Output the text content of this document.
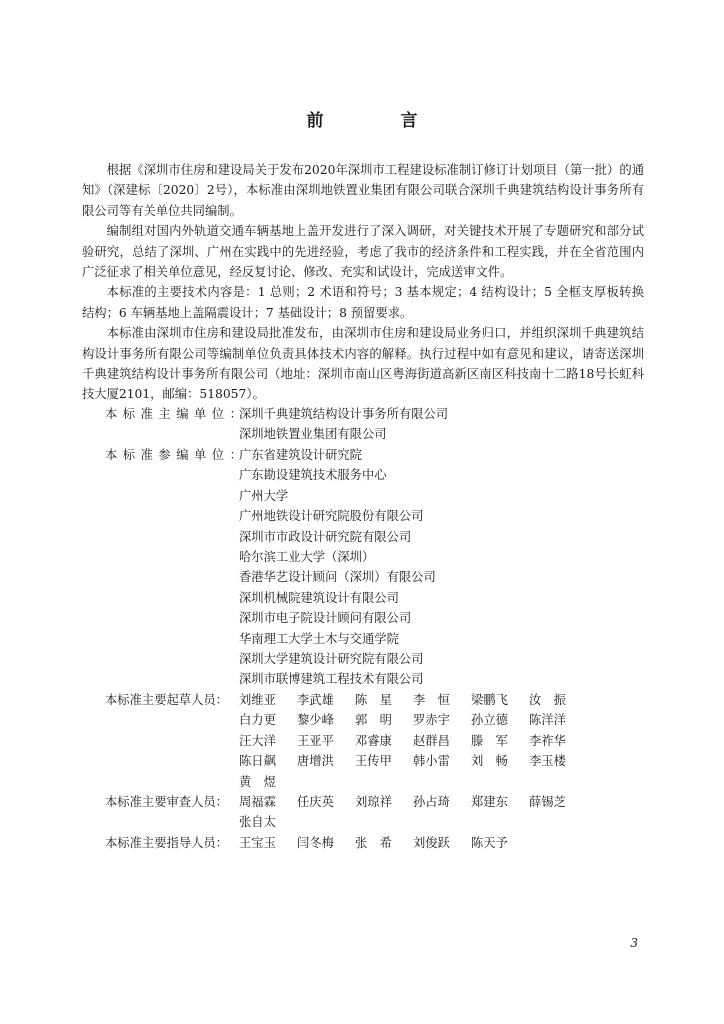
前　言

根据《深圳市住房和建设局关于发布2020年深圳市工程建设标准制订修订计划项目（第一批）的通知》（深建标〔2020〕2号），本标准由深圳地铁置业集团有限公司联合深圳千典建筑结构设计事务所有限公司等有关单位共同编制。

编制组对国内外轨道交通车辆基地上盖开发进行了深入调研，对关键技术开展了专题研究和部分试验研究，总结了深圳、广州在实践中的先进经验，考虑了我市的经济条件和工程实践，并在全省范围内广泛征求了相关单位意见，经反复讨论、修改、充实和试设计，完成送审文件。

本标准的主要技术内容是：1 总则；2 术语和符号；3 基本规定；4 结构设计；5 全框支厚板转换结构；6 车辆基地上盖隔震设计；7 基础设计；8 预留要求。

本标准由深圳市住房和建设局批准发布，由深圳市住房和建设局业务归口，并组织深圳千典建筑结构设计事务所有限公司等编制单位负责具体技术内容的解释。执行过程中如有意见和建议，请寄送深圳千典建筑结构设计事务所有限公司（地址：深圳市南山区粤海街道高新区南区科技南十二路18号长虹科技大厦2101，邮编：518057）。

本标准主编单位：
深圳千典建筑结构设计事务所有限公司
深圳地铁置业集团有限公司
本标准参编单位：
广东省建筑设计研究院
广东勘设建筑技术服务中心
广州大学
广州地铁设计研究院股份有限公司
深圳市市政设计研究院有限公司
哈尔滨工业大学（深圳）
香港华艺设计顾问（深圳）有限公司
深圳机械院建筑设计有限公司
深圳市电子院设计顾问有限公司
华南理工大学土木与交通学院
深圳大学建筑设计研究院有限公司
深圳市联博建筑工程技术有限公司
本标准主要起草人员： 刘维亚	李武雄	陈　星	李　恒	梁鹏飞	汝　振
白力更	黎少峰	郭　明	罗赤宇	孙立德	陈洋洋
汪大洋	王亚平	邓睿康	赵群昌	滕　军	李祚华
陈日飙	唐增洪	王传甲	韩小雷	刘　畅	李玉楼
黄　煜
本标准主要审查人员： 周福霖	任庆英	刘琼祥	孙占琦	郑建东	薛锡芝
张自太
本标准主要指导人员： 王宝玉	闫冬梅	张　希	刘俊跃	陈天予
3
